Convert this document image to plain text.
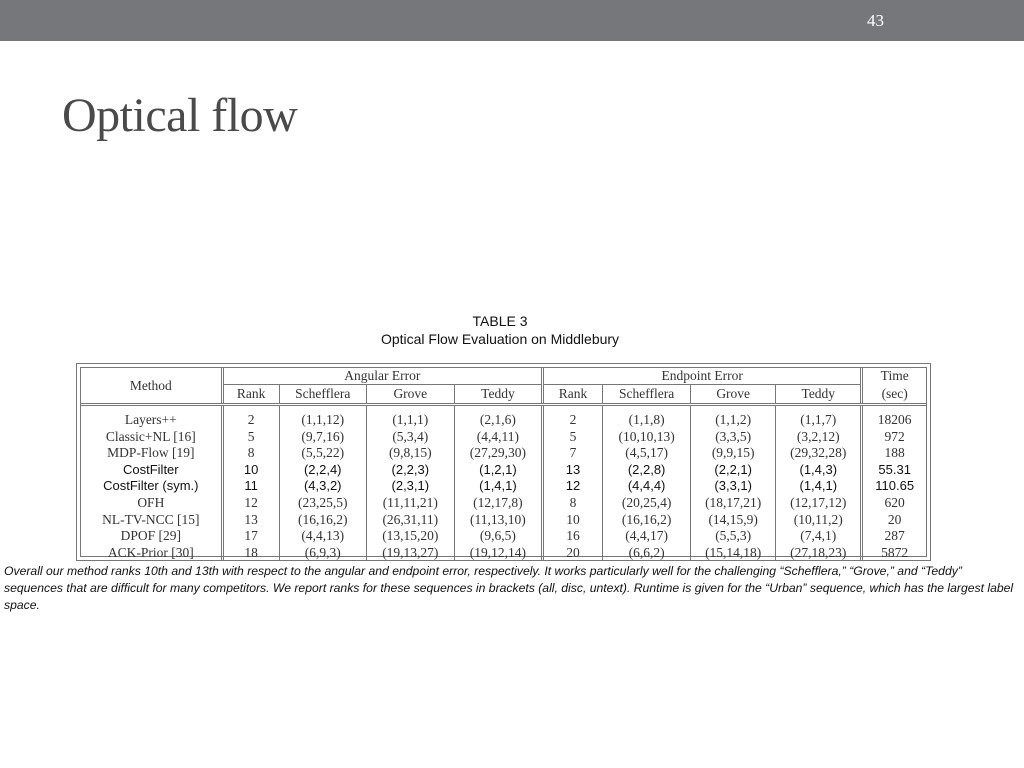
43
Optical flow
TABLE 3
Optical Flow Evaluation on Middlebury
Method	Angular Error				Endpoint Error				Time
	Rank	Schefflera	Grove	Teddy	Rank	Schefflera	Grove	Teddy	(sec)
Layers++	2	(1,1,12)	(1,1,1)	(2,1,6)	2	(1,1,8)	(1,1,2)	(1,1,7)	18206
Classic+NL [16]	5	(9,7,16)	(5,3,4)	(4,4,11)	5	(10,10,13)	(3,3,5)	(3,2,12)	972
MDP-Flow [19]	8	(5,5,22)	(9,8,15)	(27,29,30)	7	(4,5,17)	(9,9,15)	(29,32,28)	188
CostFilter	10	(2,2,4)	(2,2,3)	(1,2,1)	13	(2,2,8)	(2,2,1)	(1,4,3)	55.31
CostFilter (sym.)	11	(4,3,2)	(2,3,1)	(1,4,1)	12	(4,4,4)	(3,3,1)	(1,4,1)	110.65
OFH	12	(23,25,5)	(11,11,21)	(12,17,8)	8	(20,25,4)	(18,17,21)	(12,17,12)	620
NL-TV-NCC [15]	13	(16,16,2)	(26,31,11)	(11,13,10)	10	(16,16,2)	(14,15,9)	(10,11,2)	20
DPOF [29]	17	(4,4,13)	(13,15,20)	(9,6,5)	16	(4,4,17)	(5,5,3)	(7,4,1)	287
ACK-Prior [30]	18	(6,9,3)	(19,13,27)	(19,12,14)	20	(6,6,2)	(15,14,18)	(27,18,23)	5872
Overall our method ranks 10th and 13th with respect to the angular and endpoint error, respectively. It works particularly well for the challenging “Schefflera,” “Grove,” and “Teddy” sequences that are difficult for many competitors. We report ranks for these sequences in brackets (all, disc, untext). Runtime is given for the “Urban” sequence, which has the largest label space.
